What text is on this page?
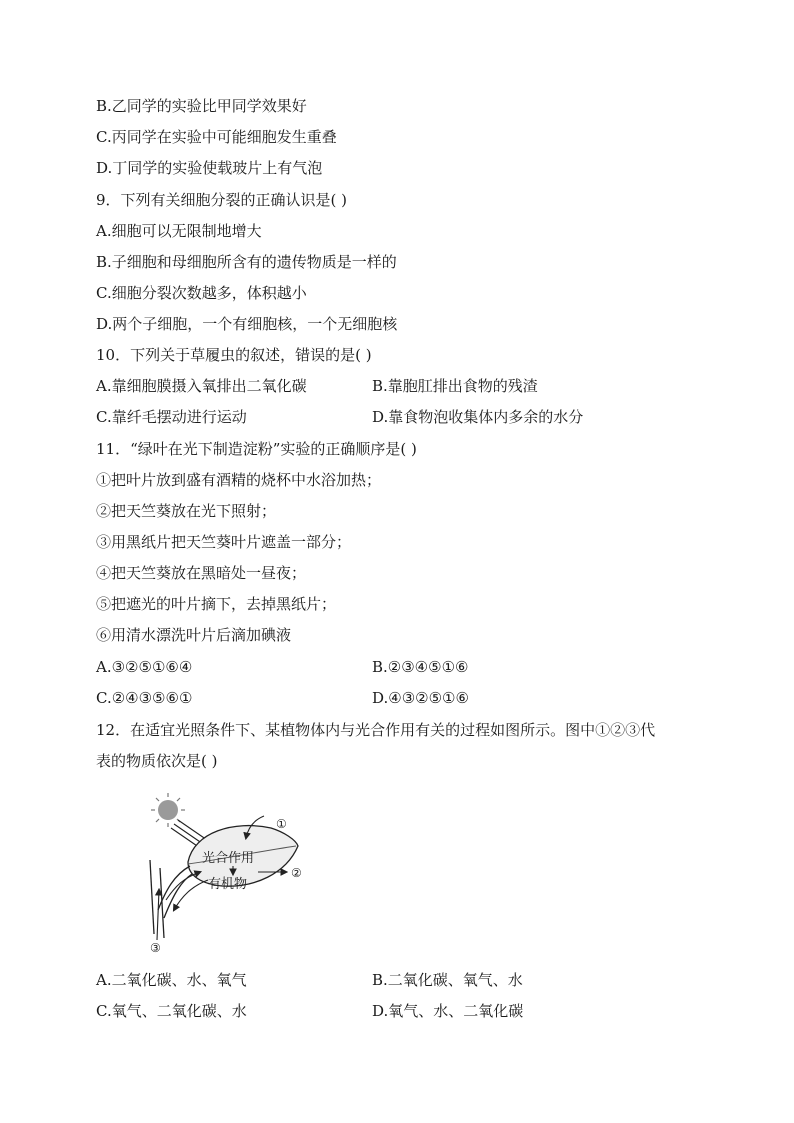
B.乙同学的实验比甲同学效果好
C.丙同学在实验中可能细胞发生重叠
D.丁同学的实验使载玻片上有气泡
9．下列有关细胞分裂的正确认识是( )
A.细胞可以无限制地增大
B.子细胞和母细胞所含有的遗传物质是一样的
C.细胞分裂次数越多，体积越小
D.两个子细胞，一个有细胞核，一个无细胞核
10．下列关于草履虫的叙述，错误的是( )
A.靠细胞膜摄入氧排出二氧化碳	B.靠胞肛排出食物的残渣
C.靠纤毛摆动进行运动	D.靠食物泡收集体内多余的水分
11．“绿叶在光下制造淀粉”实验的正确顺序是( )
①把叶片放到盛有酒精的烧杯中水浴加热；
②把天竺葵放在光下照射；
③用黑纸片把天竺葵叶片遮盖一部分；
④把天竺葵放在黑暗处一昼夜；
⑤把遮光的叶片摘下，去掉黑纸片；
⑥用清水漂洗叶片后滴加碘液
A.③②⑤①⑥④	B.②③④⑤①⑥
C.②④③⑤⑥①	D.④③②⑤①⑥
12．在适宜光照条件下、某植物体内与光合作用有关的过程如图所示。图中①②③代
表的物质依次是( )
①
②
光合作用
有机物
③
A.二氧化碳、水、氧气	B.二氧化碳、氧气、水
C.氧气、二氧化碳、水	D.氧气、水、二氧化碳
